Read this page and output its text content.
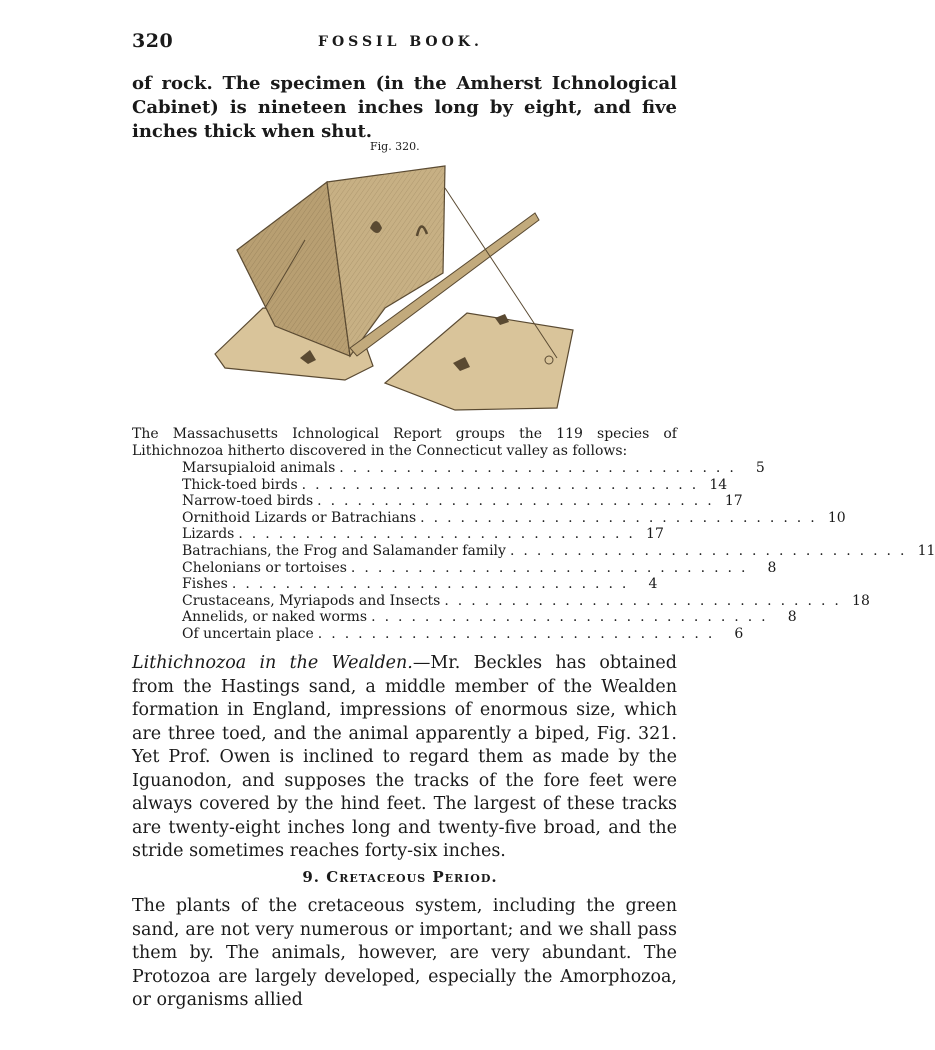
320	FOSSIL BOOK.

of rock. The specimen (in the Amherst Ichnological Cabinet) is nineteen inches long by eight, and five inches thick when shut.

Fig. 320.

The Massachusetts Ichnological Report groups the 119 species of Lithichnozoa hitherto discovered in the Connecticut valley as follows:

Marsupialoid animals .............................. 5
Thick-toed birds .............................. 14
Narrow-toed birds .............................. 17
Ornithoid Lizards or Batrachians .............................. 10
Lizards .............................. 17
Batrachians, the Frog and Salamander family .............................. 11
Chelonians or tortoises .............................. 8
Fishes .............................. 4
Crustaceans, Myriapods and Insects .............................. 18
Annelids, or naked worms .............................. 8
Of uncertain place .............................. 6

Lithichnozoa in the Wealden.—Mr. Beckles has obtained from the Hastings sand, a middle member of the Wealden formation in England, impressions of enormous size, which are three toed, and the animal apparently a biped, Fig. 321. Yet Prof. Owen is inclined to regard them as made by the Iguanodon, and supposes the tracks of the fore feet were always covered by the hind feet. The largest of these tracks are twenty-eight inches long and twenty-five broad, and the stride sometimes reaches forty-six inches.

9. Cretaceous Period.

The plants of the cretaceous system, including the green sand, are not very numerous or important; and we shall pass them by. The animals, however, are very abundant. The Protozoa are largely developed, especially the Amorphozoa, or organisms allied
